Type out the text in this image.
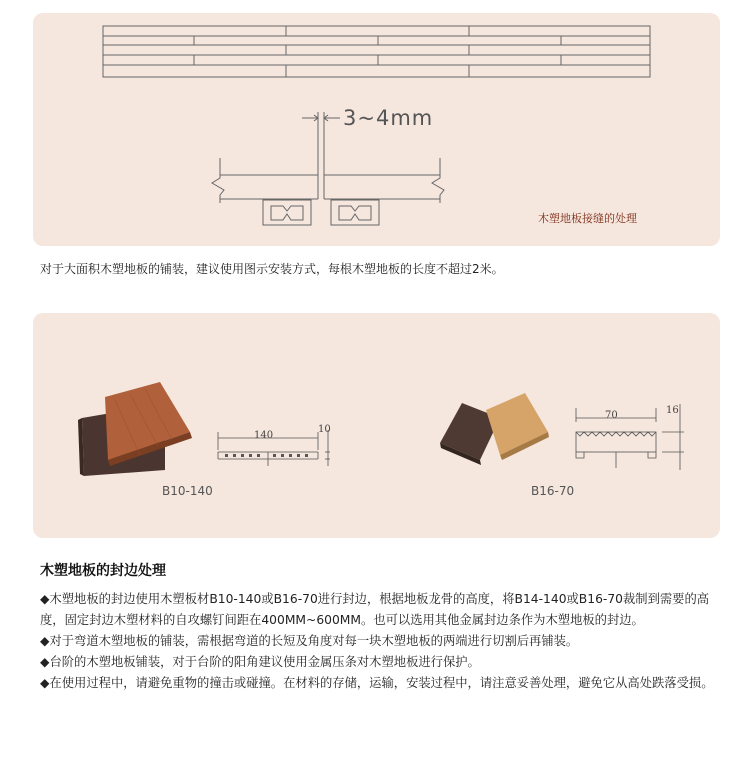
3~4mm
木塑地板接缝的处理
对于大面积木塑地板的铺装，建议使用图示安装方式，每根木塑地板的长度不超过2米。
140
10
B10-140
70	16
B16-70
木塑地板的封边处理

◆木塑地板的封边使用木塑板材B10-140或B16-70进行封边，根据地板龙骨的高度，将B14-140或B16-70裁制到需要的高度，固定封边木塑材料的自攻螺钉间距在400MM~600MM。也可以选用其他金属封边条作为木塑地板的封边。

◆对于弯道木塑地板的铺装，需根据弯道的长短及角度对每一块木塑地板的两端进行切割后再铺装。

◆台阶的木塑地板铺装，对于台阶的阳角建议使用金属压条对木塑地板进行保护。

◆在使用过程中，请避免重物的撞击或碰撞。在材料的存储，运输，安装过程中，请注意妥善处理，避免它从高处跌落受损。
